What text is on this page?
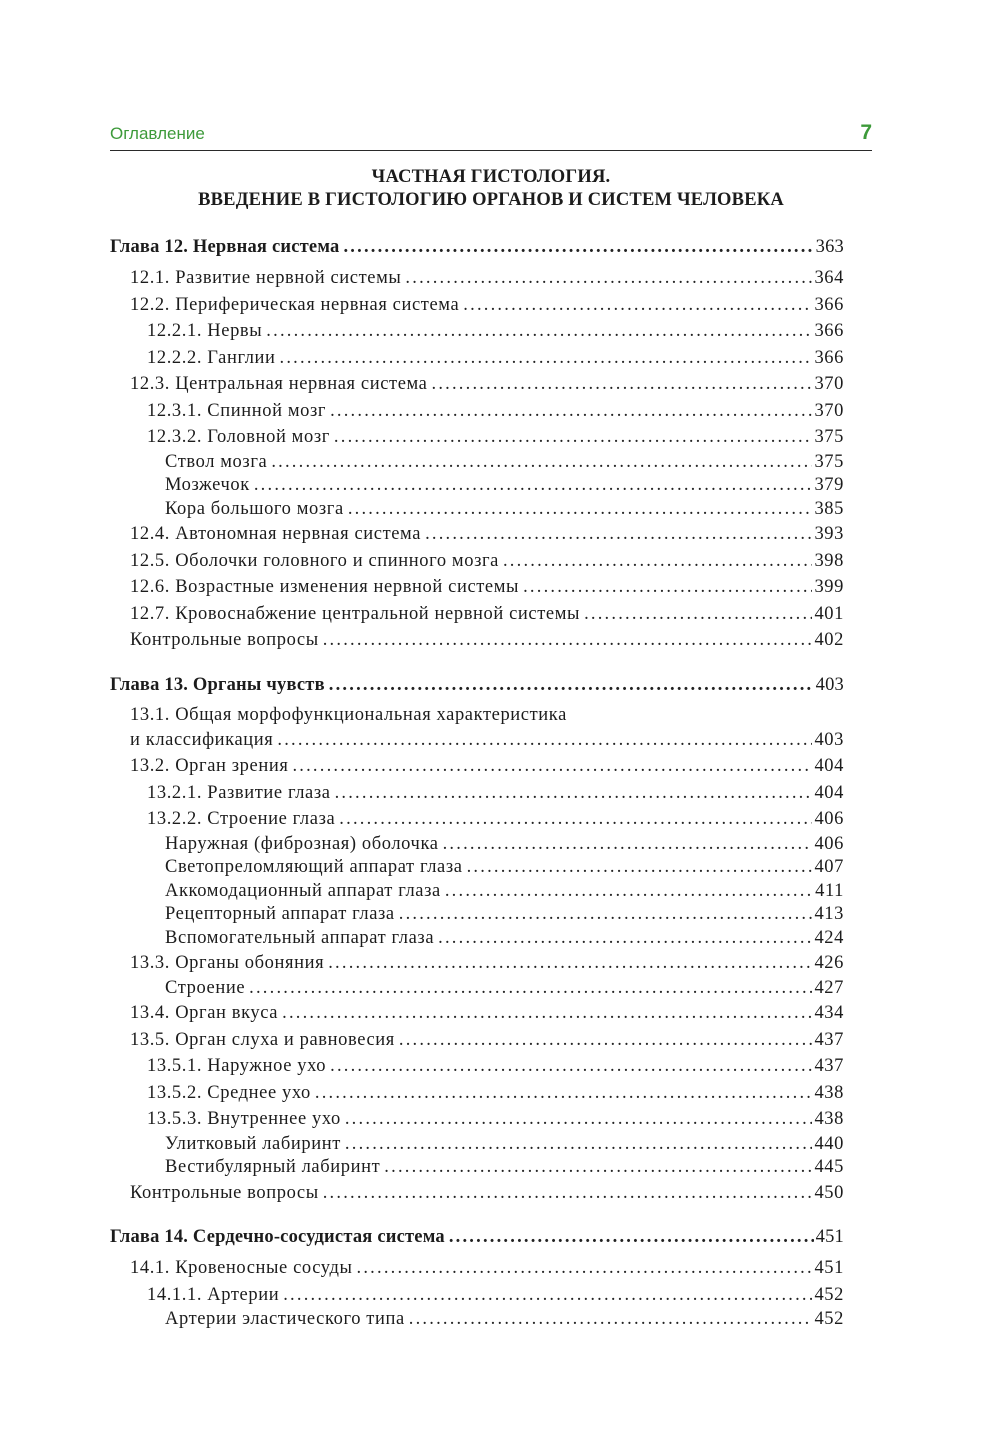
Оглавление	7
ЧАСТНАЯ ГИСТОЛОГИЯ.
ВВЕДЕНИЕ В ГИСТОЛОГИЮ ОРГАНОВ И СИСТЕМ ЧЕЛОВЕКА
Глава 12. Нервная система .....	363
12.1. Развитие нервной системы .....	364
12.2. Периферическая нервная система .....	366
12.2.1. Нервы .....	366
12.2.2. Ганглии .....	366
12.3. Центральная нервная система .....	370
12.3.1. Спинной мозг .....	370
12.3.2. Головной мозг .....	375
Ствол мозга .....	375
Мозжечок .....	379
Кора большого мозга .....	385
12.4. Автономная нервная система .....	393
12.5. Оболочки головного и спинного мозга .....	398
12.6. Возрастные изменения нервной системы .....	399
12.7. Кровоснабжение центральной нервной системы .....	401
Контрольные вопросы .....	402
Глава 13. Органы чувств .....	403
13.1. Общая морфофункциональная характеристика
и классификация .....	403
13.2. Орган зрения .....	404
13.2.1. Развитие глаза .....	404
13.2.2. Строение глаза .....	406
Наружная (фиброзная) оболочка .....	406
Светопреломляющий аппарат глаза .....	407
Аккомодационный аппарат глаза .....	411
Рецепторный аппарат глаза .....	413
Вспомогательный аппарат глаза .....	424
13.3. Органы обоняния .....	426
Строение .....	427
13.4. Орган вкуса .....	434
13.5. Орган слуха и равновесия .....	437
13.5.1. Наружное ухо .....	437
13.5.2. Среднее ухо .....	438
13.5.3. Внутреннее ухо .....	438
Улитковый лабиринт .....	440
Вестибулярный лабиринт .....	445
Контрольные вопросы .....	450
Глава 14. Сердечно-сосудистая система .....	451
14.1. Кровеносные сосуды .....	451
14.1.1. Артерии .....	452
Артерии эластического типа .....	452
